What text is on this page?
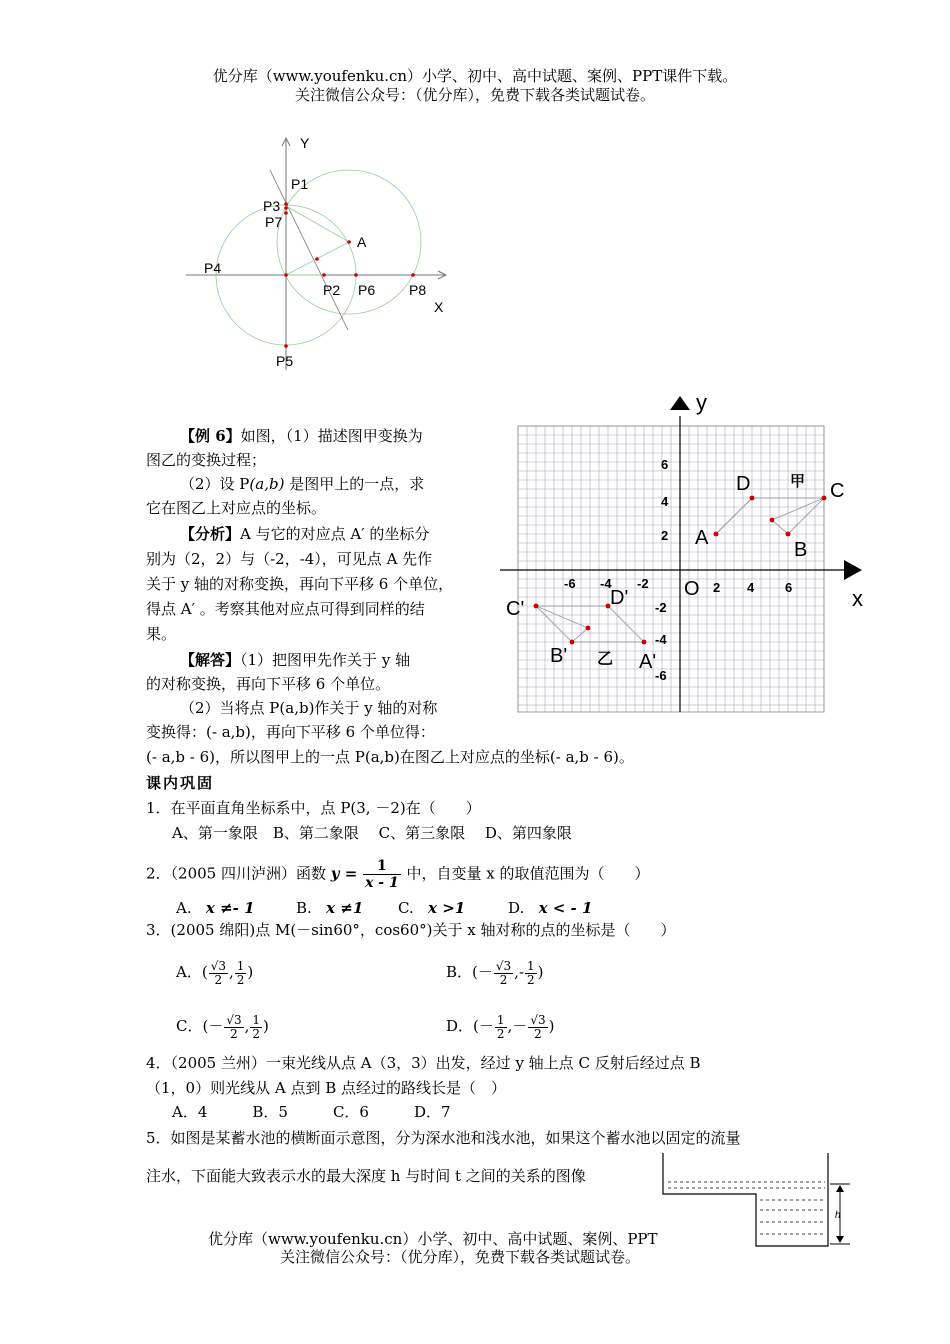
优分库（www.youfenku.cn）小学、初中、高中试题、案例、PPT课件下载。
关注微信公众号：（优分库），免费下载各类试题试卷。
Y
X
P1
P3
P7
A
P4
P2 P6 P8
P5
y
x
O 2 4 6
-6 -4 -2
6
4
2
-2
-4
-6
甲
A
B
C
D
乙 A'
B'
C'	D'
【例 6】如图，（1）描述图甲变换为
图乙的变换过程；
（2）设 P(a,b) 是图甲上的一点，求
它在图乙上对应点的坐标。
【分析】A 与它的对应点 A′ 的坐标分
别为（2，2）与（-2，-4），可见点 A 先作
关于 y 轴的对称变换，再向下平移 6 个单位，
得点 A′ 。考察其他对应点可得到同样的结
果。
【解答】（1）把图甲先作关于 y 轴
的对称变换，再向下平移 6 个单位。
（2）当将点 P(a,b)作关于 y 轴的对称
变换得：(- a,b)，再向下平移 6 个单位得：
(- a,b - 6)，所以图甲上的一点 P(a,b)在图乙上对应点的坐标(- a,b - 6)。
课内巩固
1．在平面直角坐标系中，点 P(3, －2)在（　　）
A、第一象限　B、第二象限　 C、第三象限　 D、第四象限
2．（2005 四川泸洲）函数 $y = \frac{1}{x - 1}$ 中，自变量 x 的取值范围为（　　）
A. x ≠- 1	B. x ≠1 C. x >1	D. x < - 1
3．(2005 绵阳)点 M(－sin60°，cos60°)关于 x 轴对称的点的坐标是（　　）
A．( $\frac{√3}{2}$ , $\frac{1}{2}$ )	B．(－ $\frac{√3}{2}$ ,- $\frac{1}{2}$ )
C．(－ $\frac{√3}{2}$ , $\frac{1}{2}$ )	D．(－ $\frac{1}{2}$ ,－ $\frac{√3}{2}$ )
4．（2005 兰州）一束光线从点 A（3，3）出发，经过 y 轴上点 C 反射后经过点 B
（1，0）则光线从 A 点到 B 点经过的路线长是（　）
A．4　　　B．5　　　C．6　　　D．7
5．如图是某蓄水池的横断面示意图，分为深水池和浅水池，如果这个蓄水池以固定的流量
注水，下面能大致表示水的最大深度 h 与时间 t 之间的关系的图像
h
优分库（www.youfenku.cn）小学、初中、高中试题、案例、PPT
关注微信公众号：（优分库），免费下载各类试题试卷。
